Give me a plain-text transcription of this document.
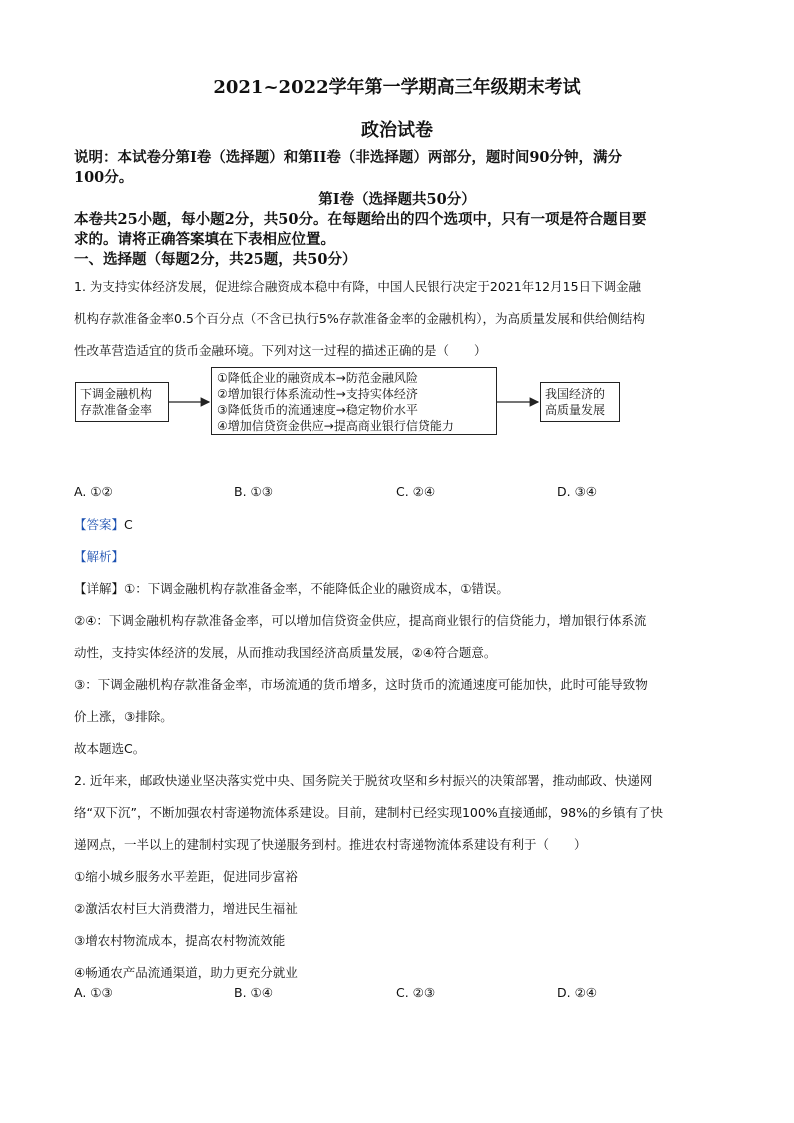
2021~2022学年第一学期高三年级期末考试
政治试卷
说明：本试卷分第Ⅰ卷（选择题）和第II卷（非选择题）两部分，题时间90分钟，满分
100分。
第Ⅰ卷（选择题共50分）
本卷共25小题，每小题2分，共50分。在每题给出的四个选项中，只有一项是符合题目要
求的。请将正确答案填在下表相应位置。
一、选择题（每题2分，共25题，共50分）
1. 为支持实体经济发展，促进综合融资成本稳中有降，中国人民银行决定于2021年12月15日下调金融
机构存款准备金率0.5个百分点（不含已执行5%存款准备金率的金融机构），为高质量发展和供给侧结构
性改革营造适宜的货币金融环境。下列对这一过程的描述正确的是（　　）
下调金融机构
存款准备金率
①降低企业的融资成本→防范金融风险
②增加银行体系流动性→支持实体经济
③降低货币的流通速度→稳定物价水平
④增加信贷资金供应→提高商业银行信贷能力
我国经济的
高质量发展
A. ①②	B. ①③	C. ②④	D. ③④
【答案】C
【解析】
【详解】①：下调金融机构存款准备金率，不能降低企业的融资成本，①错误。
②④：下调金融机构存款准备金率，可以增加信贷资金供应，提高商业银行的信贷能力，增加银行体系流
动性，支持实体经济的发展，从而推动我国经济高质量发展，②④符合题意。
③：下调金融机构存款准备金率，市场流通的货币增多，这时货币的流通速度可能加快，此时可能导致物
价上涨，③排除。
故本题选C。
2. 近年来，邮政快递业坚决落实党中央、国务院关于脱贫攻坚和乡村振兴的决策部署，推动邮政、快递网
络“双下沉”，不断加强农村寄递物流体系建设。目前，建制村已经实现100%直接通邮，98%的乡镇有了快
递网点，一半以上的建制村实现了快递服务到村。推进农村寄递物流体系建设有利于（　　）
①缩小城乡服务水平差距，促进同步富裕
②激活农村巨大消费潜力，增进民生福祉
③增农村物流成本，提高农村物流效能
④畅通农产品流通渠道，助力更充分就业
A. ①③	B. ①④	C. ②③	D. ②④
